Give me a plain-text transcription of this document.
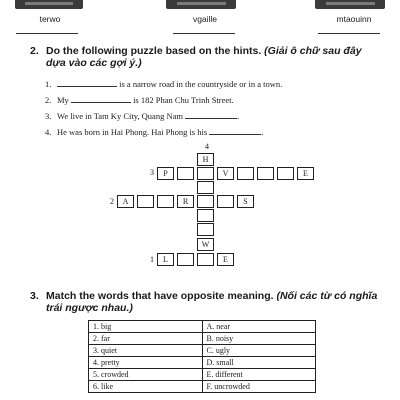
terwo	vgaille	mtaouinn
2. Do the following puzzle based on the hints. (Giải ô chữ sau đây
dựa vào các gợi ý.)
1.	is a narrow road in the countryside or in a town.
2. My	is 182 Phan Chu Trinh Street.
3. We live in Tam Ky City, Quang Nam	.
4. He was born in Hai Phong. Hai Phong is his	.
4
3
2
1
H
W
P	V	E
A	R	S
L	E
3. Match the words that have opposite meaning. (Nối các từ có nghĩa
trái ngược nhau.)
1. big	A. near
2. far	B. noisy
3. quiet	C. ugly
4. pretty	D. small
5. crowded	E. different
6. like	F. uncrowded
